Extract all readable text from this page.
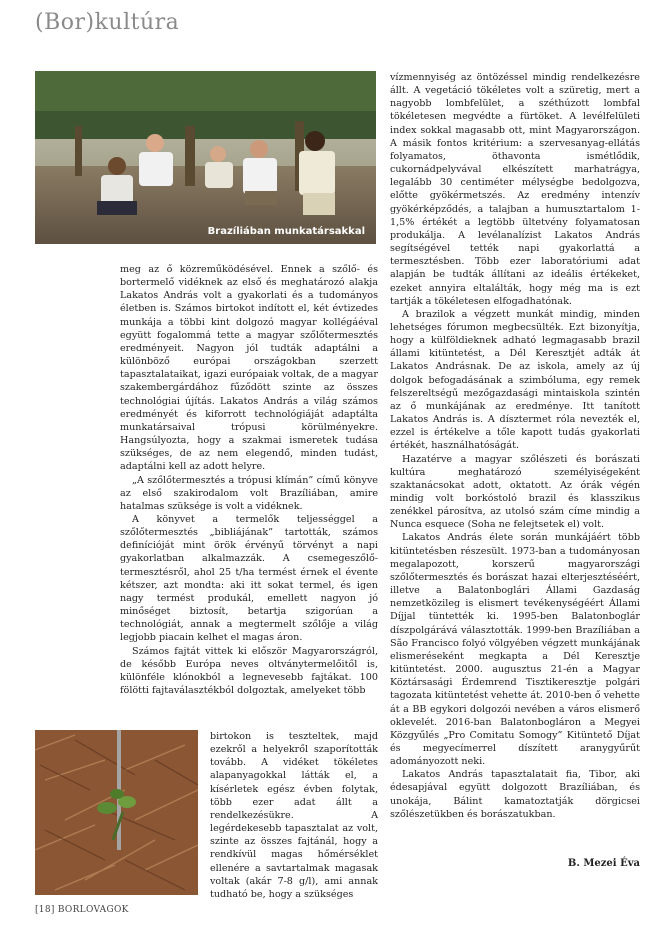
(Bor)kultúra
Brazíliában munkatársakkal

meg az ő közreműködésével. Ennek a szőlő- és bortermelő vidéknek az első és meghatározó alakja Lakatos András volt a gyakorlati és a tudományos életben is. Számos birtokot indított el, két évtizedes munkája a többi kint dolgozó magyar kollégáéval együtt fogalommá tette a magyar szőlőtermesztés eredményeit. Nagyon jól tudták adaptálni a különböző európai országokban szerzett tapasztalataikat, igazi európaiak voltak, de a magyar szakembergárdához fűződött szinte az összes technológiai újítás. Lakatos András a világ számos eredményét és kiforrott technológiáját adaptálta munkatársaival trópusi körülményekre. Hangsúlyozta, hogy a szakmai ismeretek tudása szükséges, de az nem elegendő, minden tudást, adaptálni kell az adott helyre.

„A szőlőtermesztés a trópusi klímán” című könyve az első szakirodalom volt Brazíliában, amire hatalmas szüksége is volt a vidéknek.

A könyvet a termelők teljességgel a szőlőtermesztés „bibliájának” tartották, számos definícióját mint örök érvényű törvényt a napi gyakorlatban alkalmazzák. A csemegeszőlő-termesztésről, ahol 25 t/ha termést érnek el évente kétszer, azt mondta: aki itt sokat termel, és igen nagy termést produkál, emellett nagyon jó minőséget biztosít, betartja szigorúan a technológiát, annak a megtermelt szőlője a világ legjobb piacain kelhet el magas áron.

Számos fajtát vittek ki először Magyarországról, de később Európa neves oltványtermelőitől is, különféle klónokból a legnevesebb fajtákat. 100 fölötti fajtaválasztékból dolgoztak, amelyeket több

birtokon is teszteltek, majd ezekről a helyekről szaporították tovább. A vidéket tökéletes alapanyagokkal látták el, a kísérletek egész évben folytak, több ezer adat állt a rendelkezésükre. A legérdekesebb tapasztalat az volt, szinte az összes fajtánál, hogy a rendkívül magas hőmérséklet ellenére a savtartalmak magasak voltak (akár 7-8 g/l), ami annak tudható be, hogy a szükséges

vízmennyiség az öntözéssel mindig rendelkezésre állt. A vegetáció tökéletes volt a szüretig, mert a nagyobb lombfelület, a széthúzott lombfal tökéletesen megvédte a fürtöket. A levélfelületi index sokkal magasabb ott, mint Magyarországon. A másik fontos kritérium: a szervesanyag-ellátás folyamatos, öthavonta ismétlődik, cukornádpelyvával elkészített marhatrágya, legalább 30 centiméter mélységbe bedolgozva, előtte gyökérmetszés. Az eredmény intenzív gyökérképződés, a talajban a humusztartalom 1-1,5% értékét a legtöbb ültetvény folyamatosan produkálja. A levélanalízist Lakatos András segítségével tették napi gyakorlattá a termesztésben. Több ezer laboratóriumi adat alapján be tudták állítani az ideális értékeket, ezeket annyira eltalálták, hogy még ma is ezt tartják a tökéletesen elfogadhatónak.

A brazilok a végzett munkát mindig, minden lehetséges fórumon megbecsülték. Ezt bizonyítja, hogy a külföldieknek adható legmagasabb brazil állami kitüntetést, a Dél Keresztjét adták át Lakatos Andrásnak. De az iskola, amely az új dolgok befogadásának a szimbóluma, egy remek felszereltségű mezőgazdasági mintaiskola szintén az ő munkájának az eredménye. Itt tanított Lakatos András is. A dísztermet róla nevezték el, ezzel is értékelve a tőle kapott tudás gyakorlati értékét, használhatóságát.

Hazatérve a magyar szőlészeti és borászati kultúra meghatározó személyiségeként szaktanácsokat adott, oktatott. Az órák végén mindig volt borkóstoló brazil és klasszikus zenékkel párosítva, az utolsó szám címe mindig a Nunca esquece (Soha ne felejtsetek el) volt.

Lakatos András élete során munkájáért több kitüntetésben részesült. 1973-ban a tudományosan megalapozott, korszerű magyarországi szőlőtermesztés és borászat hazai elterjesztéséért, illetve a Balatonboglári Állami Gazdaság nemzetközileg is elismert tevékenységéért Állami Díjjal tüntették ki. 1995-ben Balatonboglár díszpolgárává választották. 1999-ben Brazíliában a São Francisco folyó völgyében végzett munkájának elismeréseként megkapta a Dél Keresztje kitüntetést. 2000. augusztus 21-én a Magyar Köztársasági Érdemrend Tisztikeresztje polgári tagozata kitüntetést vehette át. 2010-ben ő vehette át a BB egykori dolgozói nevében a város elismerő oklevelét. 2016-ban Balatonbogláron a Megyei Közgyűlés „Pro Comitatu Somogy” Kitüntető Díjat és megyecímerrel díszített aranygyűrűt adományozott neki.

Lakatos András tapasztalatait fia, Tibor, aki édesapjával együtt dolgozott Brazíliában, és unokája, Bálint kamatoztatják dörgicsei szőlészetükben és borászatukban.

B. Mezei Éva
[18] BORLOVAGOK
